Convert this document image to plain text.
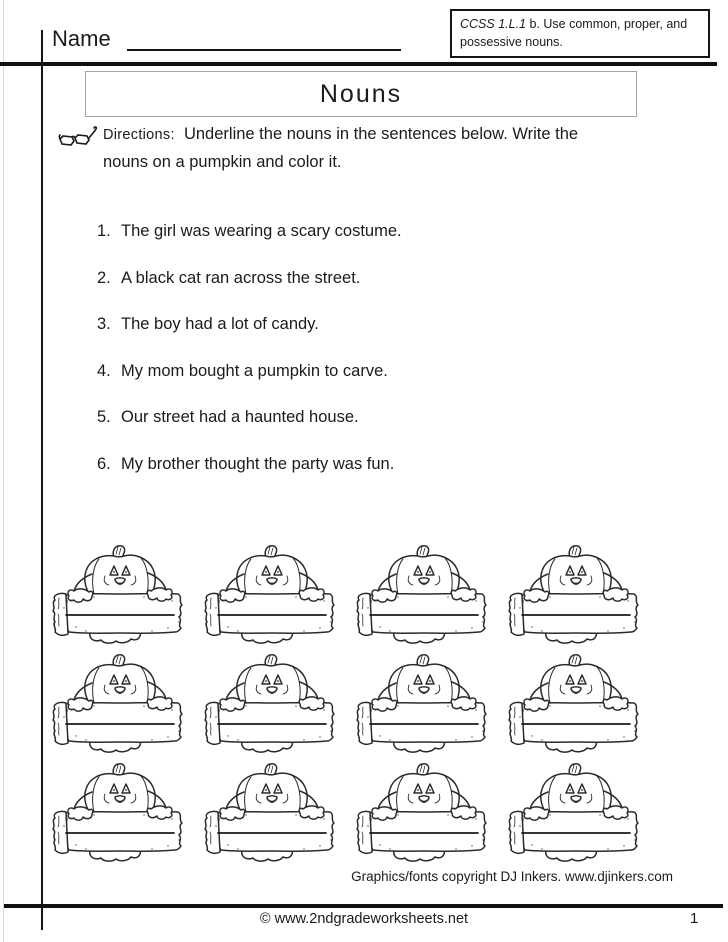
Name
CCSS 1.L.1 b. Use common, proper, and possessive nouns.
Nouns
Directions: Underline the nouns in the sentences below. Write the
nouns on a pumpkin and color it.
1. The girl was wearing a scary costume.
2. A black cat ran across the street.
3. The boy had a lot of candy.
4. My mom bought a pumpkin to carve.
5. Our street had a haunted house.
6. My brother thought the party was fun.
Graphics/fonts copyright DJ Inkers. www.djinkers.com
© www.2ndgradeworksheets.net	1
